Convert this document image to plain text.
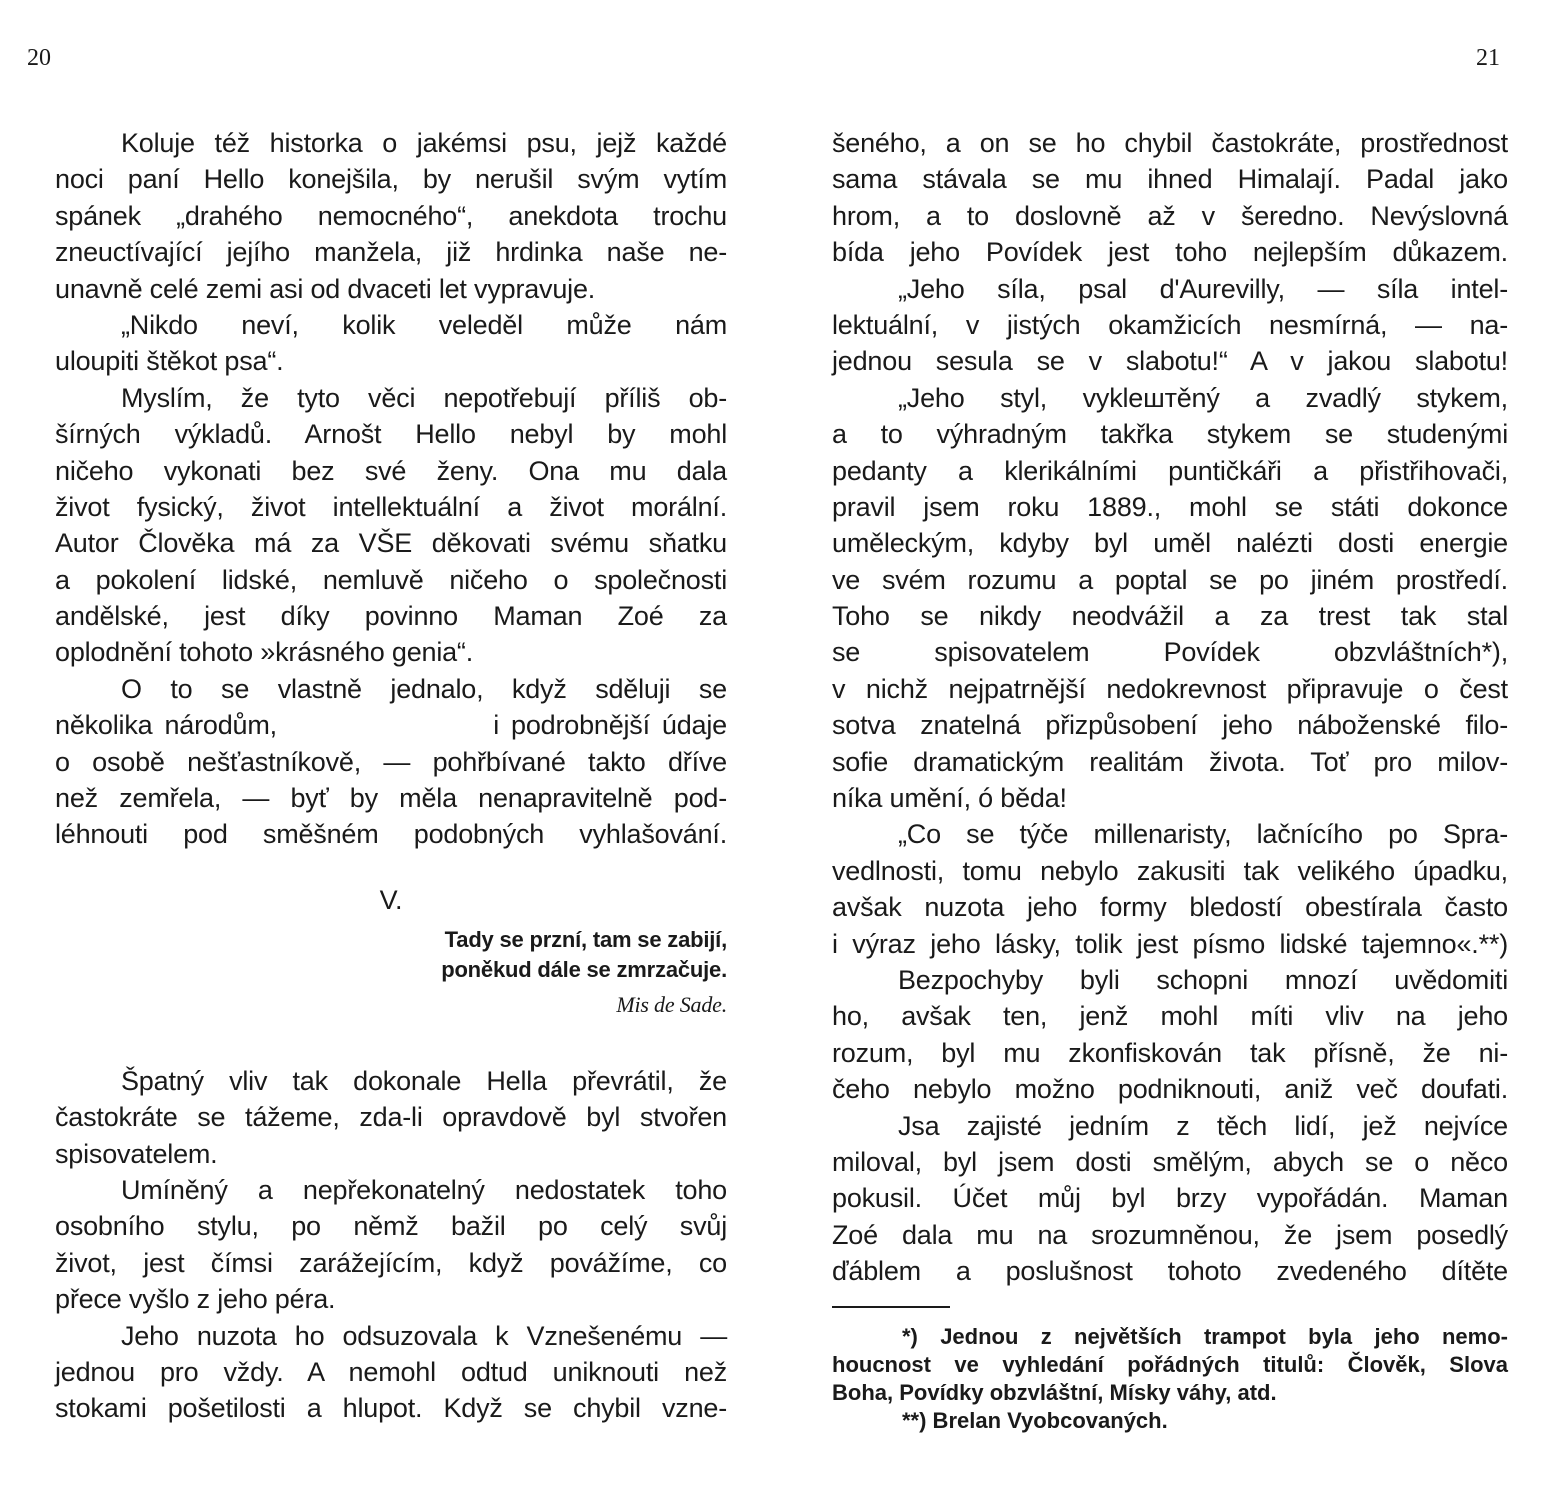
20	21
Koluje též historka o jakémsi psu, jejž každé
noci paní Hello konejšila, by nerušil svým vytím
spánek „drahého nemocného“, anekdota trochu
zneuctívající jejího manžela, již hrdinka naše ne-
unavně celé zemi asi od dvaceti let vypravuje.
„Nikdo neví, kolik veleděl může nám
uloupiti štěkot psa“.
Myslím, že tyto věci nepotřebují příliš ob-
šírných výkladů. Arnošt Hello nebyl by mohl
ničeho vykonati bez své ženy. Ona mu dala
život fysický, život intellektuální a život morální.
Autor Člověka má za VŠE děkovati svému sňatku
a pokolení lidské, nemluvě ničeho o společnosti
andělské, jest díky povinno Maman Zoé za
oplodnění tohoto »krásného genia“.
O to se vlastně jednalo, když sděluji se
několika národům,                  i podrobnější údaje
o osobě nešťastníkově, — pohřbívané takto dříve
než zemřela, — byť by měla nenapravitelně pod-
léhnouti pod směšném podobných vyhlašování.
V.
Tady se przní, tam se zabijí,
poněkud dále se zmrzačuje.
Mis de Sade.
Špatný vliv tak dokonale Hella převrátil, že
častokráte se tážeme, zda-li opravdově byl stvořen
spisovatelem.
Umíněný a nepřekonatelný nedostatek toho
osobního stylu, po němž bažil po celý svůj
život, jest čímsi zarážejícím, když povážíme, co
přece vyšlo z jeho péra.
Jeho nuzota ho odsuzovala k Vznešenému —
jednou pro vždy. A nemohl odtud uniknouti než
stokami pošetilosti a hlupot. Když se chybil vzne-
šeného, a on se ho chybil častokráte, prostřednost
sama stávala se mu ihned Himalají. Padal jako
hrom, a to doslovně až v šeredno. Nevýslovná
bída jeho Povídek jest toho nejlepším důkazem.
„Jeho síla, psal d'Aurevilly, — síla intel-
lektuální, v jistých okamžicích nesmírná, — na-
jednou sesula se v slabotu!“ A v jakou slabotu!
„Jeho styl, vyklештěný a zvadlý stykem,
a to výhradným takřka stykem se studenými
pedanty a klerikálními puntičkáři a přistřihovači,
pravil jsem roku 1889., mohl se státi dokonce
uměleckým, kdyby byl uměl nalézti dosti energie
ve svém rozumu a poptal se po jiném prostředí.
Toho se nikdy neodvážil a za trest tak stal
se spisovatelem Povídek obzvláštních*),
v nichž nejpatrnější nedokrevnost připravuje o čest
sotva znatelná přizpůsobení jeho náboženské filo-
sofie dramatickým realitám života. Toť pro milov-
níka umění, ó běda!
„Co se týče millenaristy, lačnícího po Spra-
vedlnosti, tomu nebylo zakusiti tak velikého úpadku,
avšak nuzota jeho formy bledostí obestírala často
i výraz jeho lásky, tolik jest písmo lidské tajemno«.**)
Bezpochyby byli schopni mnozí uvědomiti
ho, avšak ten, jenž mohl míti vliv na jeho
rozum, byl mu zkonfiskován tak přísně, že ni-
čeho nebylo možno podniknouti, aniž več doufati.
Jsa zajisté jedním z těch lidí, jež nejvíce
miloval, byl jsem dosti smělým, abych se o něco
pokusil. Účet můj byl brzy vypořádán. Maman
Zoé dala mu na srozumněnou, že jsem posedlý
ďáblem a poslušnost tohoto zvedeného dítěte
*) Jednou z největších trampot byla jeho nemo-
houcnost ve vyhledání pořádných titulů: Člověk, Slova
Boha, Povídky obzvláštní, Mísky váhy, atd.
**) Brelan Vyobcovaných.
